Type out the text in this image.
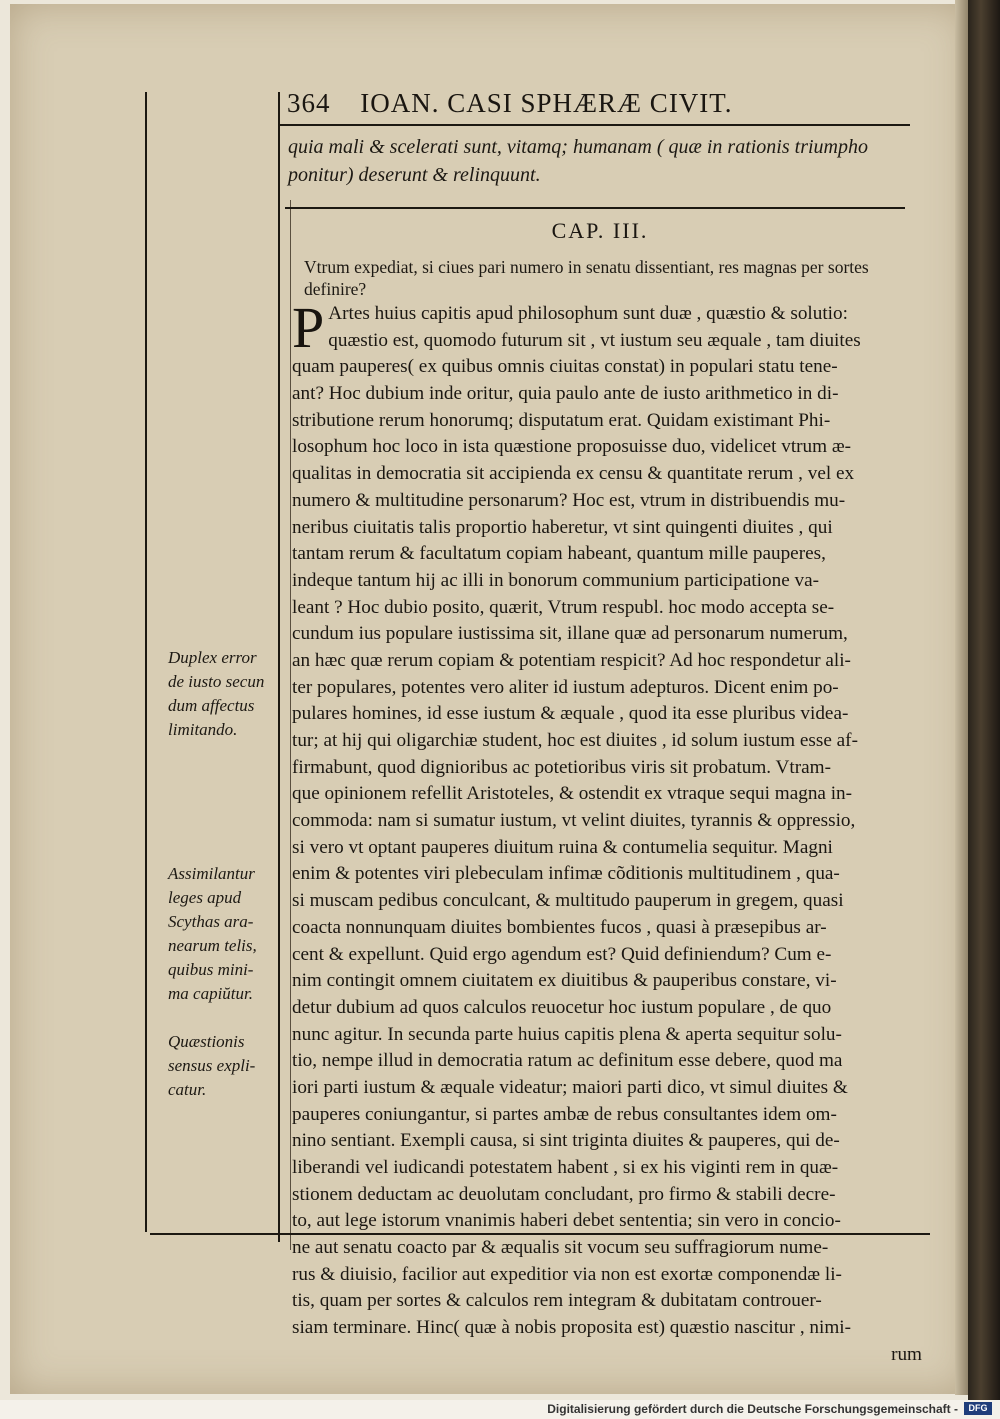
364 IOAN. CASI SPHÆRÆ CIVIT.
quia mali & scelerati sunt, vitamq; humanam ( quæ in rationis triumpho
ponitur) deserunt & relinquunt.
CAP. III.
Vtrum expediat, si ciues pari numero in senatu dissentiant, res magnas per sortes
definire?
P Artes huius capitis apud philosophum sunt duæ , quæstio & solutio:
quæstio est, quomodo futurum sit , vt iustum seu æquale , tam diuites
quam pauperes( ex quibus omnis ciuitas constat) in populari statu tene-
ant? Hoc dubium inde oritur, quia paulo ante de iusto arithmetico in di-
stributione rerum honorumq; disputatum erat. Quidam existimant Phi-
losophum hoc loco in ista quæstione proposuisse duo, videlicet vtrum æ-
qualitas in democratia sit accipienda ex censu & quantitate rerum , vel ex
numero & multitudine personarum? Hoc est, vtrum in distribuendis mu-
neribus ciuitatis talis proportio haberetur, vt sint quingenti diuites , qui
tantam rerum & facultatum copiam habeant, quantum mille pauperes,
indeque tantum hij ac illi in bonorum communium participatione va-
leant ? Hoc dubio posito, quærit, Vtrum respubl. hoc modo accepta se-
cundum ius populare iustissima sit, illane quæ ad personarum numerum,
an hæc quæ rerum copiam & potentiam respicit? Ad hoc respondetur ali-
ter populares, potentes vero aliter id iustum adepturos. Dicent enim po-
pulares homines, id esse iustum & æquale , quod ita esse pluribus videa-
tur; at hij qui oligarchiæ student, hoc est diuites , id solum iustum esse af-
firmabunt, quod dignioribus ac potetioribus viris sit probatum. Vtram-
que opinionem refellit Aristoteles, & ostendit ex vtraque sequi magna in-
commoda: nam si sumatur iustum, vt velint diuites, tyrannis & oppressio,
si vero vt optant pauperes diuitum ruina & contumelia sequitur. Magni
enim & potentes viri plebeculam infimæ cõditionis multitudinem , qua-
si muscam pedibus conculcant, & multitudo pauperum in gregem, quasi
coacta nonnunquam diuites bombientes fucos , quasi à præsepibus ar-
cent & expellunt. Quid ergo agendum est? Quid definiendum? Cum e-
nim contingit omnem ciuitatem ex diuitibus & pauperibus constare, vi-
detur dubium ad quos calculos reuocetur hoc iustum populare , de quo
nunc agitur. In secunda parte huius capitis plena & aperta sequitur solu-
tio, nempe illud in democratia ratum ac definitum esse debere, quod ma
iori parti iustum & æquale videatur; maiori parti dico, vt simul diuites &
pauperes coniungantur, si partes ambæ de rebus consultantes idem om-
nino sentiant. Exempli causa, si sint triginta diuites & pauperes, qui de-
liberandi vel iudicandi potestatem habent , si ex his viginti rem in quæ-
stionem deductam ac deuolutam concludant, pro firmo & stabili decre-
to, aut lege istorum vnanimis haberi debet sententia; sin vero in concio-
ne aut senatu coacto par & æqualis sit vocum seu suffragiorum nume-
rus & diuisio, facilior aut expeditior via non est exortæ componendæ li-
tis, quam per sortes & calculos rem integram & dubitatam controuer-
siam terminare. Hinc( quæ à nobis proposita est) quæstio nascitur , nimi-
rum
Duplex error
de iusto secun
dum affectus
limitando.
Assimilantur
leges apud
Scythas ara-
nearum telis,
quibus mini-
ma capiŭtur.
Quæstionis
sensus expli-
catur.
Digitalisierung gefördert durch die Deutsche Forschungsgemeinschaft -	DFG
